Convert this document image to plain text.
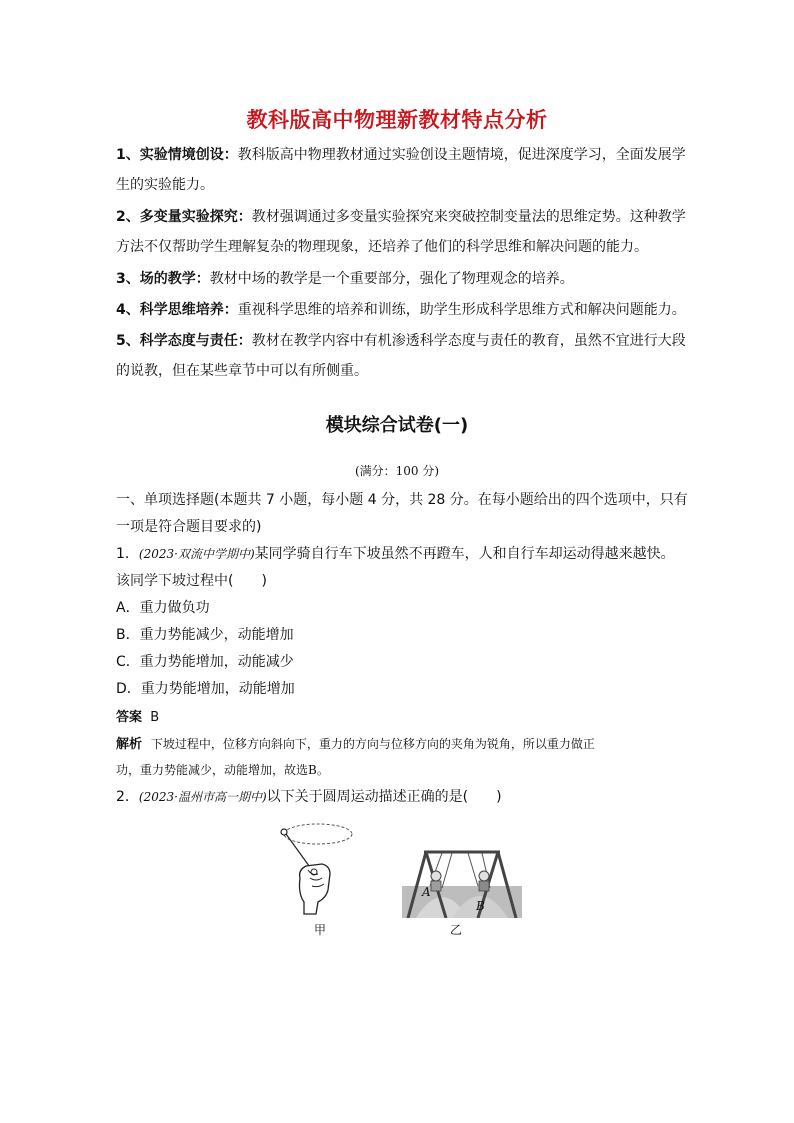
教科版高中物理新教材特点分析
1、实验情境创设：教科版高中物理教材通过实验创设主题情境，促进深度学习，全面发展学生的实验能力。
2、多变量实验探究：教材强调通过多变量实验探究来突破控制变量法的思维定势。这种教学方法不仅帮助学生理解复杂的物理现象，还培养了他们的科学思维和解决问题的能力。
3、场的教学：教材中场的教学是一个重要部分，强化了物理观念的培养。
4、科学思维培养：重视科学思维的培养和训练，助学生形成科学思维方式和解决问题能力。
5、科学态度与责任：教材在教学内容中有机渗透科学态度与责任的教育，虽然不宜进行大段的说教，但在某些章节中可以有所侧重。
模块综合试卷(一)
(满分：100 分)
一、单项选择题(本题共 7 小题，每小题 4 分，共 28 分。在每小题给出的四个选项中，只有
一项是符合题目要求的)
1．(2023·双流中学期中)某同学骑自行车下坡虽然不再蹬车，人和自行车却运动得越来越快。
该同学下坡过程中(　　)
A．重力做负功
B．重力势能减少，动能增加
C．重力势能增加，动能减少
D．重力势能增加，动能增加
答案 B
解析 下坡过程中，位移方向斜向下，重力的方向与位移方向的夹角为锐角，所以重力做正
功，重力势能减少，动能增加，故选B。
2．(2023·温州市高一期中)以下关于圆周运动描述正确的是(　　)
甲
A
B
乙
